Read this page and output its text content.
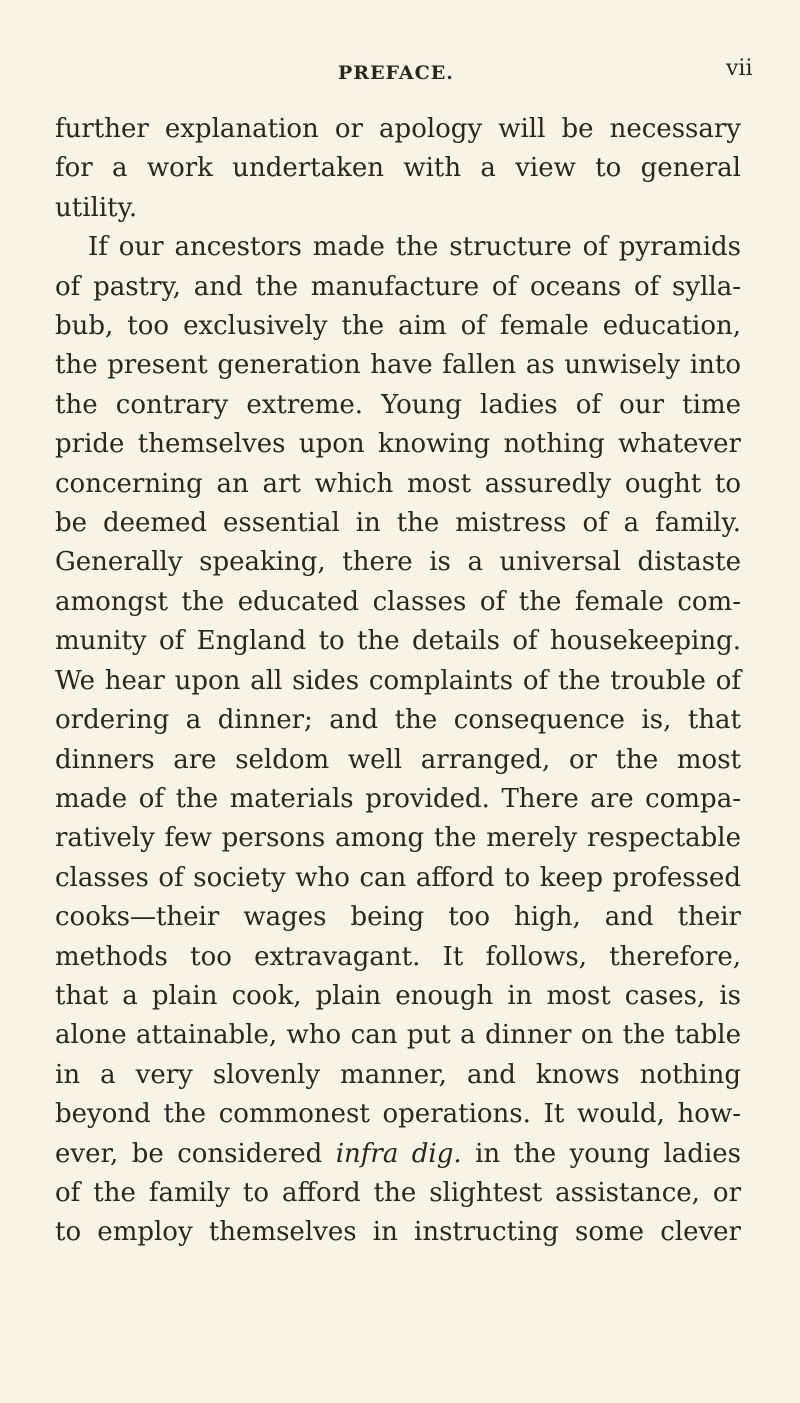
PREFACE.	vii
further explanation or apology will be necessary
for a work undertaken with a view to general
utility.
If our ancestors made the structure of pyramids
of pastry, and the manufacture of oceans of sylla-
bub, too exclusively the aim of female education,
the present generation have fallen as unwisely into
the contrary extreme. Young ladies of our time
pride themselves upon knowing nothing whatever
concerning an art which most assuredly ought to
be deemed essential in the mistress of a family.
Generally speaking, there is a universal distaste
amongst the educated classes of the female com-
munity of England to the details of housekeeping.
We hear upon all sides complaints of the trouble of
ordering a dinner; and the consequence is, that
dinners are seldom well arranged, or the most
made of the materials provided. There are compa-
ratively few persons among the merely respectable
classes of society who can afford to keep professed
cooks—their wages being too high, and their
methods too extravagant. It follows, therefore,
that a plain cook, plain enough in most cases, is
alone attainable, who can put a dinner on the table
in a very slovenly manner, and knows nothing
beyond the commonest operations. It would, how-
ever, be considered infra dig. in the young ladies
of the family to afford the slightest assistance, or
to employ themselves in instructing some clever
